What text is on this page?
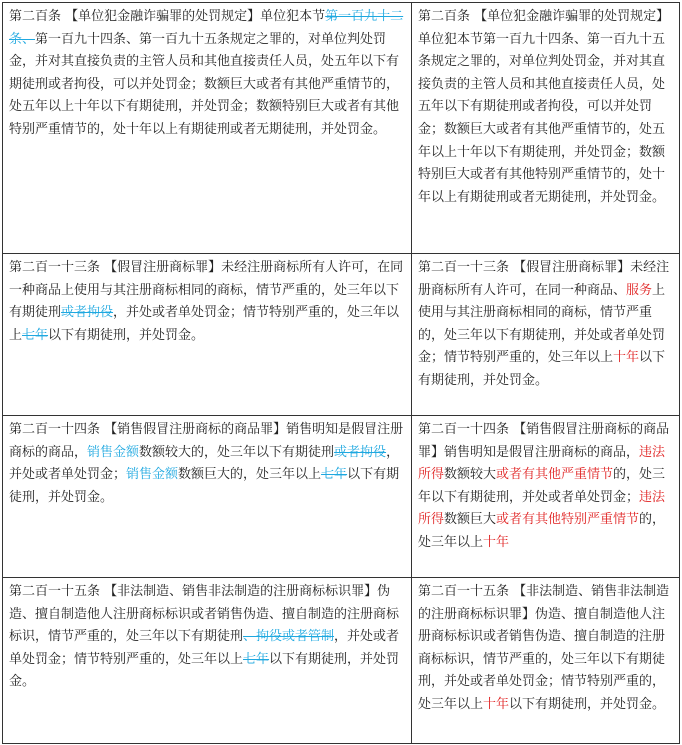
第二百条 【单位犯金融诈骗罪的处罚规定】单位犯本节第一百九十二条、第一百九十四条、第一百九十五条规定之罪的，对单位判处罚金，并对其直接负责的主管人员和其他直接责任人员，处五年以下有期徒刑或者拘役，可以并处罚金；数额巨大或者有其他严重情节的，处五年以上十年以下有期徒刑，并处罚金；数额特别巨大或者有其他特别严重情节的，处十年以上有期徒刑或者无期徒刑，并处罚金。	第二百条 【单位犯金融诈骗罪的处罚规定】单位犯本节第一百九十四条、第一百九十五条规定之罪的，对单位判处罚金，并对其直接负责的主管人员和其他直接责任人员，处五年以下有期徒刑或者拘役，可以并处罚金；数额巨大或者有其他严重情节的，处五年以上十年以下有期徒刑，并处罚金；数额特别巨大或者有其他特别严重情节的，处十年以上有期徒刑或者无期徒刑，并处罚金。
第二百一十三条 【假冒注册商标罪】未经注册商标所有人许可，在同一种商品上使用与其注册商标相同的商标，情节严重的，处三年以下有期徒刑或者拘役，并处或者单处罚金；情节特别严重的，处三年以上七年以下有期徒刑，并处罚金。	第二百一十三条 【假冒注册商标罪】未经注册商标所有人许可，在同一种商品、服务上使用与其注册商标相同的商标，情节严重的，处三年以下有期徒刑，并处或者单处罚金；情节特别严重的，处三年以上十年以下有期徒刑，并处罚金。
第二百一十四条 【销售假冒注册商标的商品罪】销售明知是假冒注册商标的商品，销售金额数额较大的，处三年以下有期徒刑或者拘役，并处或者单处罚金；销售金额数额巨大的，处三年以上七年以下有期徒刑，并处罚金。	第二百一十四条 【销售假冒注册商标的商品罪】销售明知是假冒注册商标的商品，违法所得数额较大或者有其他严重情节的，处三年以下有期徒刑，并处或者单处罚金；违法所得数额巨大或者有其他特别严重情节的，处三年以上十年
第二百一十五条 【非法制造、销售非法制造的注册商标标识罪】伪造、擅自制造他人注册商标标识或者销售伪造、擅自制造的注册商标标识，情节严重的，处三年以下有期徒刑、拘役或者管制，并处或者单处罚金；情节特别严重的，处三年以上七年以下有期徒刑，并处罚金。	第二百一十五条 【非法制造、销售非法制造的注册商标标识罪】伪造、擅自制造他人注册商标标识或者销售伪造、擅自制造的注册商标标识，情节严重的，处三年以下有期徒刑，并处或者单处罚金；情节特别严重的，处三年以上十年以下有期徒刑，并处罚金。
